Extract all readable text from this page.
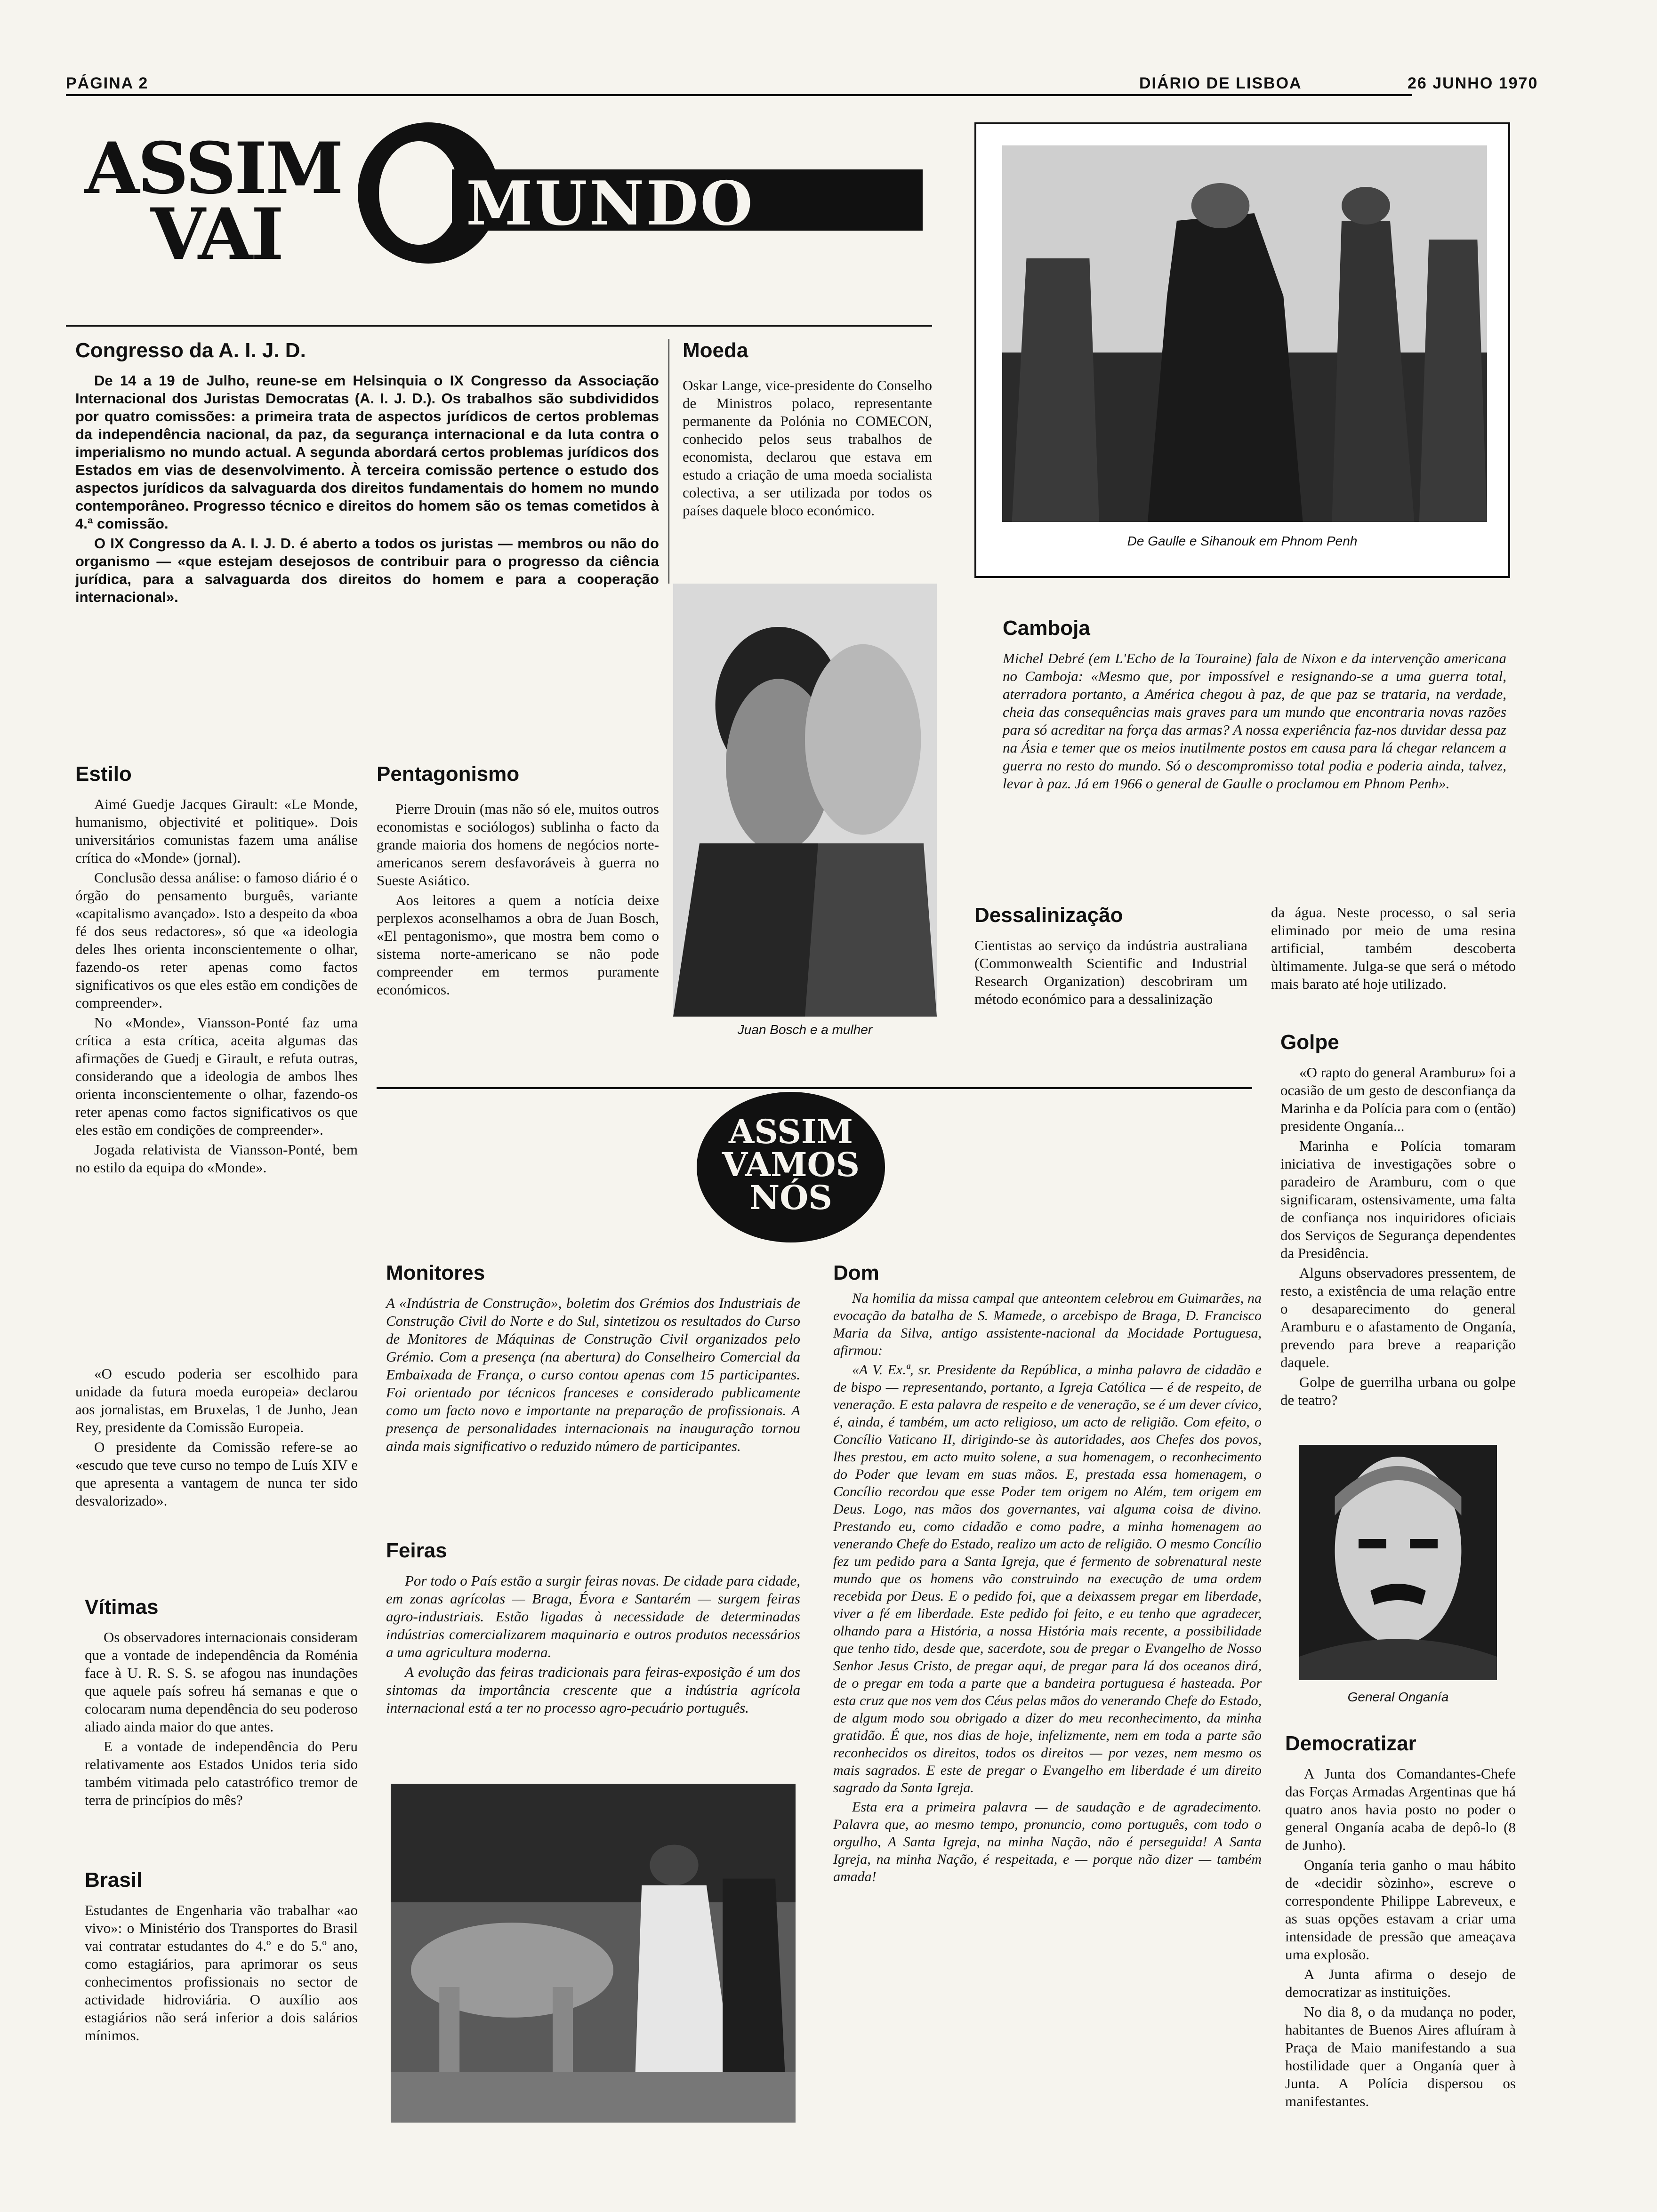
PÁGINA 2	DIÁRIO DE LISBOA	26 JUNHO 1970
ASSIM
VAI	MUNDO
Congresso da A. I. J. D.

De 14 a 19 de Julho, reune-se em Helsinquia o IX Congresso da Associação Internacional dos Juristas Democratas (A. I. J. D.). Os trabalhos são subdivididos por quatro comissões: a primeira trata de aspectos jurídicos de certos problemas da independência nacional, da paz, da segurança internacional e da luta contra o imperialismo no mundo actual. A segunda abordará certos problemas jurídicos dos Estados em vias de desenvolvimento. À terceira comissão pertence o estudo dos aspectos jurídicos da salvaguarda dos direitos fundamentais do homem no mundo contemporâneo. Progresso técnico e direitos do homem são os temas cometidos à 4.ª comissão.

O IX Congresso da A. I. J. D. é aberto a todos os juristas — membros ou não do organismo — «que estejam desejosos de contribuir para o progresso da ciência jurídica, para a salvaguarda dos direitos do homem e para a cooperação internacional».

Moeda
Oskar Lange, vice-presidente do Conselho de Ministros polaco, representante permanente da Polónia no COMECON, conhecido pelos seus trabalhos de economista, declarou que estava em estudo a criação de uma moeda socialista colectiva, a ser utilizada por todos os países daquele bloco económico.
De Gaulle e Sihanouk em Phnom Penh
Camboja
Michel Debré (em L'Echo de la Touraine) fala de Nixon e da intervenção americana no Camboja: «Mesmo que, por impossível e resignando-se a uma guerra total, aterradora portanto, a América chegou à paz, de que paz se trataria, na verdade, cheia das consequências mais graves para um mundo que encontraria novas razões para só acreditar na força das armas? A nossa experiência faz-nos duvidar dessa paz na Ásia e temer que os meios inutilmente postos em causa para lá chegar relancem a guerra no resto do mundo. Só o descompromisso total podia e poderia ainda, talvez, levar à paz. Já em 1966 o general de Gaulle o proclamou em Phnom Penh».
Estilo

Aimé Guedje Jacques Girault: «Le Monde, humanismo, objectivité et politique». Dois universitários comunistas fazem uma análise crítica do «Monde» (jornal).

Conclusão dessa análise: o famoso diário é o órgão do pensamento burguês, variante «capitalismo avançado». Isto a despeito da «boa fé dos seus redactores», só que «a ideologia deles lhes orienta inconscientemente o olhar, fazendo-os reter apenas como factos significativos os que eles estão em condições de compreender».

No «Monde», Viansson-Ponté faz uma crítica a esta crítica, aceita algumas das afirmações de Guedj e Girault, e refuta outras, considerando que a ideologia de ambos lhes orienta inconscientemente o olhar, fazendo-os reter apenas como factos significativos os que eles estão em condições de compreender».

Jogada relativista de Viansson-Ponté, bem no estilo da equipa do «Monde».

Pentagonismo

Pierre Drouin (mas não só ele, muitos outros economistas e sociólogos) sublinha o facto da grande maioria dos homens de negócios norte-americanos serem desfavoráveis à guerra no Sueste Asiático.

Aos leitores a quem a notícia deixe perplexos aconselhamos a obra de Juan Bosch, «El pentagonismo», que mostra bem como o sistema norte-americano se não pode compreender em termos puramente económicos.

Juan Bosch e a mulher
Dessalinização
Cientistas ao serviço da indústria australiana (Commonwealth Scientific and Industrial Research Organization) descobriram um método económico para a dessalinização
da água. Neste processo, o sal seria eliminado por meio de uma resina artificial, também descoberta ùltimamente. Julga-se que será o método mais barato até hoje utilizado.

«O escudo poderia ser escolhido para unidade da futura moeda europeia» declarou aos jornalistas, em Bruxelas, 1 de Junho, Jean Rey, presidente da Comissão Europeia.

O presidente da Comissão refere-se ao «escudo que teve curso no tempo de Luís XIV e que apresenta a vantagem de nunca ter sido desvalorizado».

ASSIM
VAMOS
NÓS
Golpe

«O rapto do general Aramburu» foi a ocasião de um gesto de desconfiança da Marinha e da Polícia para com o (então) presidente Onganía...

Marinha e Polícia tomaram iniciativa de investigações sobre o paradeiro de Aramburu, com o que significaram, ostensivamente, uma falta de confiança nos inquiridores oficiais dos Serviços de Segurança dependentes da Presidência.

Alguns observadores pressentem, de resto, a existência de uma relação entre o desaparecimento do general Aramburu e o afastamento de Onganía, prevendo para breve a reaparição daquele.

Golpe de guerrilha urbana ou golpe de teatro?

General Onganía
Monitores
A «Indústria de Construção», boletim dos Grémios dos Industriais de Construção Civil do Norte e do Sul, sintetizou os resultados do Curso de Monitores de Máquinas de Construção Civil organizados pelo Grémio. Com a presença (na abertura) do Conselheiro Comercial da Embaixada de França, o curso contou apenas com 15 participantes. Foi orientado por técnicos franceses e considerado publicamente como um facto novo e importante na preparação de profissionais. A presença de personalidades internacionais na inauguração tornou ainda mais significativo o reduzido número de participantes.
Dom

Na homilia da missa campal que anteontem celebrou em Guimarães, na evocação da batalha de S. Mamede, o arcebispo de Braga, D. Francisco Maria da Silva, antigo assistente-nacional da Mocidade Portuguesa, afirmou:

«A V. Ex.ª, sr. Presidente da República, a minha palavra de cidadão e de bispo — representando, portanto, a Igreja Católica — é de respeito, de veneração. E esta palavra de respeito e de veneração, se é um dever cívico, é, ainda, é também, um acto religioso, um acto de religião. Com efeito, o Concílio Vaticano II, dirigindo-se às autoridades, aos Chefes dos povos, lhes prestou, em acto muito solene, a sua homenagem, o reconhecimento do Poder que levam em suas mãos. E, prestada essa homenagem, o Concílio recordou que esse Poder tem origem no Além, tem origem em Deus. Logo, nas mãos dos governantes, vai alguma coisa de divino. Prestando eu, como cidadão e como padre, a minha homenagem ao venerando Chefe do Estado, realizo um acto de religião. O mesmo Concílio fez um pedido para a Santa Igreja, que é fermento de sobrenatural neste mundo que os homens vão construindo na execução de uma ordem recebida por Deus. E o pedido foi, que a deixassem pregar em liberdade, viver a fé em liberdade. Este pedido foi feito, e eu tenho que agradecer, olhando para a História, a nossa História mais recente, a possibilidade que tenho tido, desde que, sacerdote, sou de pregar o Evangelho de Nosso Senhor Jesus Cristo, de pregar aqui, de pregar para lá dos oceanos dirá, de o pregar em toda a parte que a bandeira portuguesa é hasteada. Por esta cruz que nos vem dos Céus pelas mãos do venerando Chefe do Estado, de algum modo sou obrigado a dizer do meu reconhecimento, da minha gratidão. É que, nos dias de hoje, infelizmente, nem em toda a parte são reconhecidos os direitos, todos os direitos — por vezes, nem mesmo os mais sagrados. E este de pregar o Evangelho em liberdade é um direito sagrado da Santa Igreja.

Esta era a primeira palavra — de saudação e de agradecimento. Palavra que, ao mesmo tempo, pronuncio, como português, com todo o orgulho, A Santa Igreja, na minha Nação, não é perseguida! A Santa Igreja, na minha Nação, é respeitada, e — porque não dizer — também amada!

Feiras

Por todo o País estão a surgir feiras novas. De cidade para cidade, em zonas agrícolas — Braga, Évora e Santarém — surgem feiras agro-industriais. Estão ligadas à necessidade de determinadas indústrias comercializarem maquinaria e outros produtos necessários a uma agricultura moderna.

A evolução das feiras tradicionais para feiras-exposição é um dos sintomas da importância crescente que a indústria agrícola internacional está a ter no processo agro-pecuário português.

Vítimas

Os observadores internacionais consideram que a vontade de independência da Roménia face à U. R. S. S. se afogou nas inundações que aquele país sofreu há semanas e que o colocaram numa dependência do seu poderoso aliado ainda maior do que antes.

E a vontade de independência do Peru relativamente aos Estados Unidos teria sido também vitimada pelo catastrófico tremor de terra de princípios do mês?

Brasil
Estudantes de Engenharia vão trabalhar «ao vivo»: o Ministério dos Transportes do Brasil vai contratar estudantes do 4.º e do 5.º ano, como estagiários, para aprimorar os seus conhecimentos profissionais no sector de actividade hidroviária. O auxílio aos estagiários não será inferior a dois salários mínimos.
Democratizar

A Junta dos Comandantes-Chefe das Forças Armadas Argentinas que há quatro anos havia posto no poder o general Onganía acaba de depô-lo (8 de Junho).

Onganía teria ganho o mau hábito de «decidir sòzinho», escreve o correspondente Philippe Labreveux, e as suas opções estavam a criar uma intensidade de pressão que ameaçava uma explosão.

A Junta afirma o desejo de democratizar as instituições.

No dia 8, o da mudança no poder, habitantes de Buenos Aires afluíram à Praça de Maio manifestando a sua hostilidade quer a Onganía quer à Junta. A Polícia dispersou os manifestantes.
